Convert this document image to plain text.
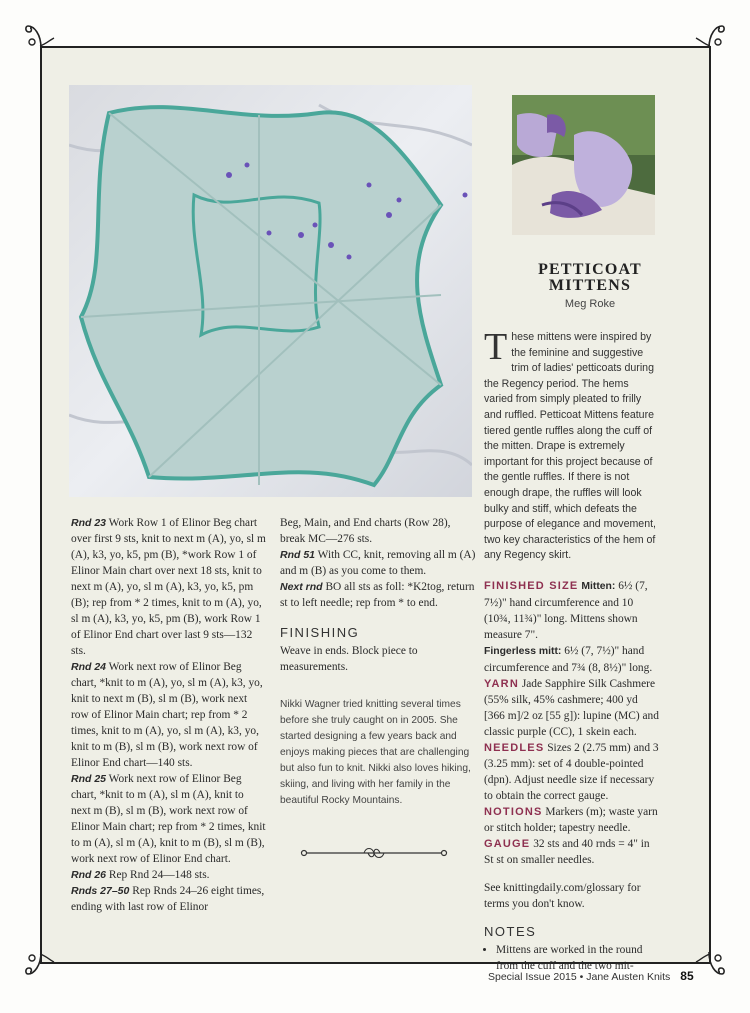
PETTICOAT
MITTENS
Meg Roke

Rnd 23 Work Row 1 of Elinor Beg chart over first 9 sts, knit to next m (A), yo, sl m (A), k3, yo, k5, pm (B), *work Row 1 of Elinor Main chart over next 18 sts, knit to next m (A), yo, sl m (A), k3, yo, k5, pm (B); rep from * 2 times, knit to m (A), yo, sl m (A), k3, yo, k5, pm (B), work Row 1 of Elinor End chart over last 9 sts—132 sts.

Rnd 24 Work next row of Elinor Beg chart, *knit to m (A), yo, sl m (A), k3, yo, knit to next m (B), sl m (B), work next row of Elinor Main chart; rep from * 2 times, knit to m (A), yo, sl m (A), k3, yo, knit to m (B), sl m (B), work next row of Elinor End chart—140 sts.

Rnd 25 Work next row of Elinor Beg chart, *knit to m (A), sl m (A), knit to next m (B), sl m (B), work next row of Elinor Main chart; rep from * 2 times, knit to m (A), sl m (A), knit to m (B), sl m (B), work next row of Elinor End chart.

Rnd 26 Rep Rnd 24—148 sts.

Rnds 27–50 Rep Rnds 24–26 eight times, ending with last row of Elinor

Beg, Main, and End charts (Row 28), break MC—276 sts.

Rnd 51 With CC, knit, removing all m (A) and m (B) as you come to them.

Next rnd BO all sts as foll: *K2tog, return st to left needle; rep from * to end.

FINISHING

Weave in ends. Block piece to measurements.

Nikki Wagner tried knitting several times before she truly caught on in 2005. She started designing a few years back and enjoys making pieces that are challenging but also fun to knit. Nikki also loves hiking, skiing, and living with her family in the beautiful Rocky Mountains.

These mittens were inspired by the feminine and suggestive trim of ladies' petticoats during the Regency period. The hems varied from simply pleated to frilly and ruffled. Petticoat Mittens feature tiered gentle ruffles along the cuff of the mitten. Drape is extremely important for this project because of the gentle ruffles. If there is not enough drape, the ruffles will look bulky and stiff, which defeats the purpose of elegance and movement, two key characteristics of the hem of any Regency skirt.

FINISHED SIZE Mitten: 6½ (7, 7½)" hand circumference and 10 (10¾, 11¾)" long. Mittens shown measure 7".

Fingerless mitt: 6½ (7, 7½)" hand circumference and 7¾ (8, 8½)" long.

YARN Jade Sapphire Silk Cashmere (55% silk, 45% cashmere; 400 yd [366 m]/2 oz [55 g]): lupine (MC) and classic purple (CC), 1 skein each.

NEEDLES Sizes 2 (2.75 mm) and 3 (3.25 mm): set of 4 double-pointed (dpn). Adjust needle size if necessary to obtain the correct gauge.

NOTIONS Markers (m); waste yarn or stitch holder; tapestry needle.

GAUGE 32 sts and 40 rnds = 4" in St st on smaller needles.

See knittingdaily.com/glossary for terms you don't know.

NOTES
• Mittens are worked in the round from the cuff and the two mit-
Special Issue 2015 • Jane Austen Knits 85
